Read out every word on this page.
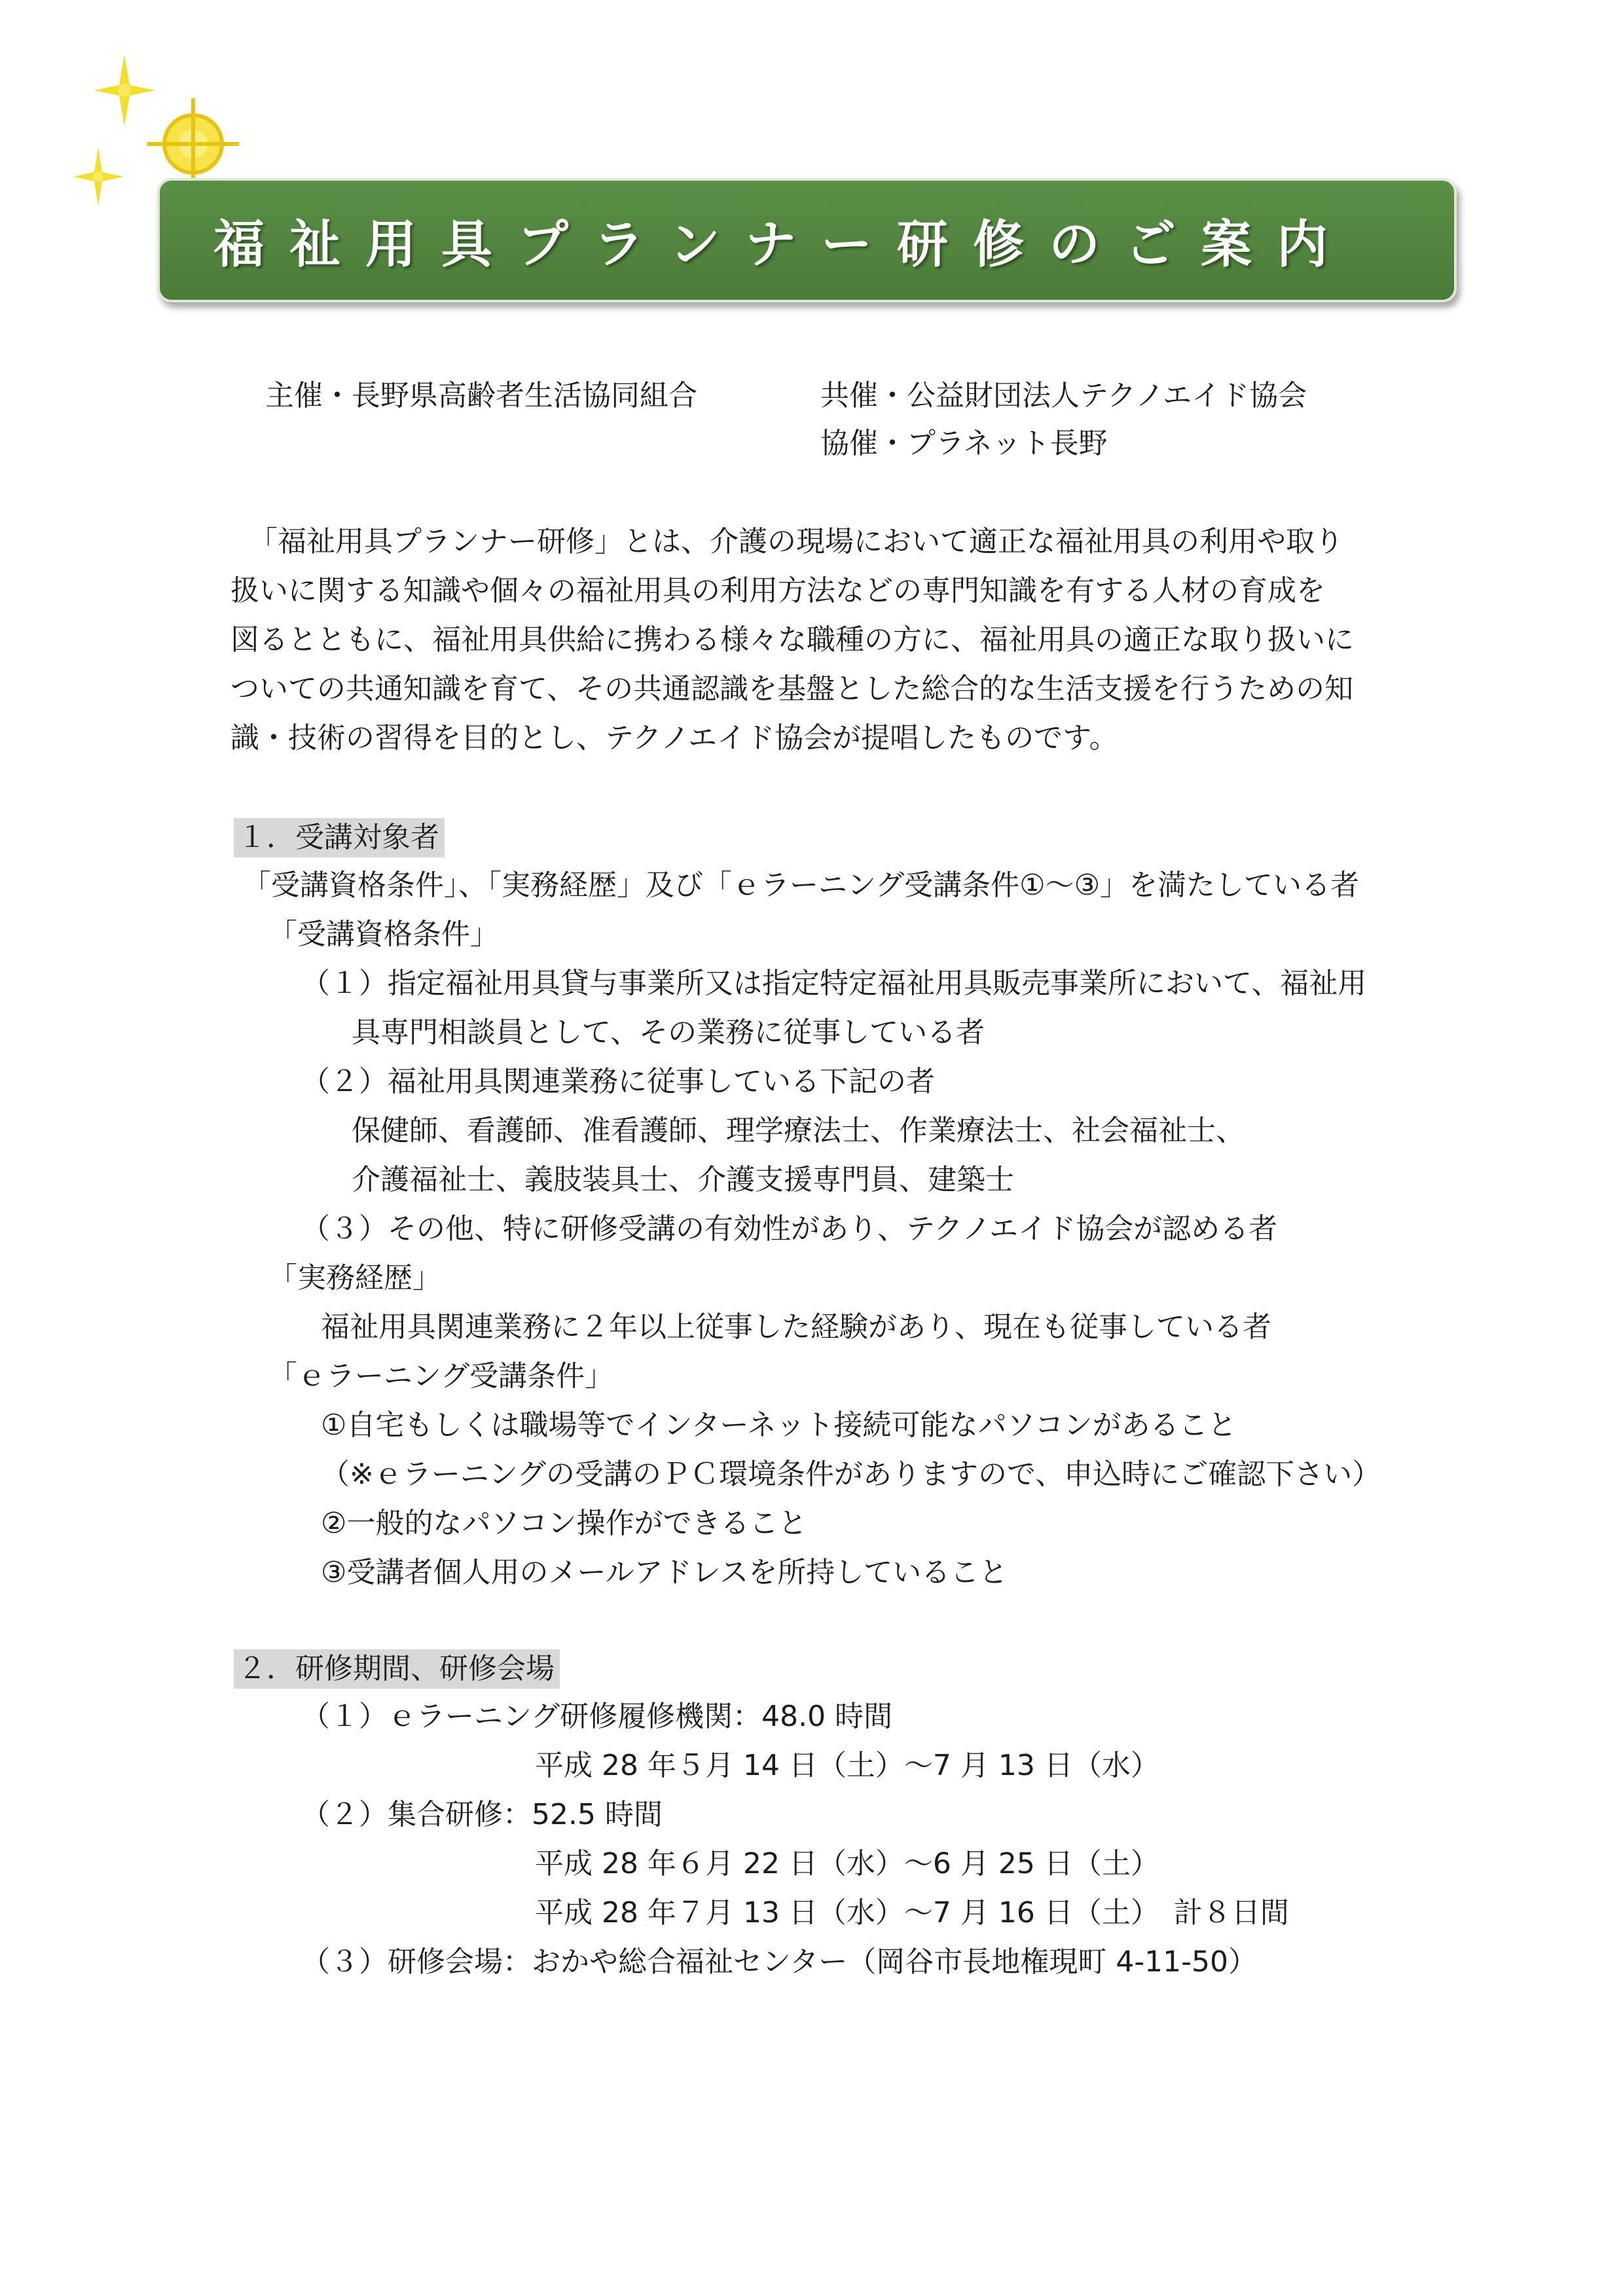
福祉用具プランナー研修のご案内
主催・長野県高齢者生活協同組合	共催・公益財団法人テクノエイド協会
協催・プラネット長野
「福祉用具プランナー研修」とは、介護の現場において適正な福祉用具の利用や取り
扱いに関する知識や個々の福祉用具の利用方法などの専門知識を有する人材の育成を
図るとともに、福祉用具供給に携わる様々な職種の方に、福祉用具の適正な取り扱いに
ついての共通知識を育て、その共通認識を基盤とした総合的な生活支援を行うための知
識・技術の習得を目的とし、テクノエイド協会が提唱したものです。
１．受講対象者
「受講資格条件」、「実務経歴」及び「ｅラーニング受講条件①～③」を満たしている者
「受講資格条件」
（１）指定福祉用具貸与事業所又は指定特定福祉用具販売事業所において、福祉用
具専門相談員として、その業務に従事している者
（２）福祉用具関連業務に従事している下記の者
保健師、看護師、准看護師、理学療法士、作業療法士、社会福祉士、
介護福祉士、義肢装具士、介護支援専門員、建築士
（３）その他、特に研修受講の有効性があり、テクノエイド協会が認める者
「実務経歴」
福祉用具関連業務に２年以上従事した経験があり、現在も従事している者
「ｅラーニング受講条件」
①自宅もしくは職場等でインターネット接続可能なパソコンがあること
（※ｅラーニングの受講のＰＣ環境条件がありますので、申込時にご確認下さい）
②一般的なパソコン操作ができること
③受講者個人用のメールアドレスを所持していること
２．研修期間、研修会場
（１）ｅラーニング研修履修機関：48.0 時間
平成 28 年５月 14 日（土）～7 月 13 日（水）
（２）集合研修：52.5 時間
平成 28 年６月 22 日（水）～6 月 25 日（土）
平成 28 年７月 13 日（水）～7 月 16 日（土）　計８日間
（３）研修会場：おかや総合福祉センター（岡谷市長地権現町 4-11-50）
